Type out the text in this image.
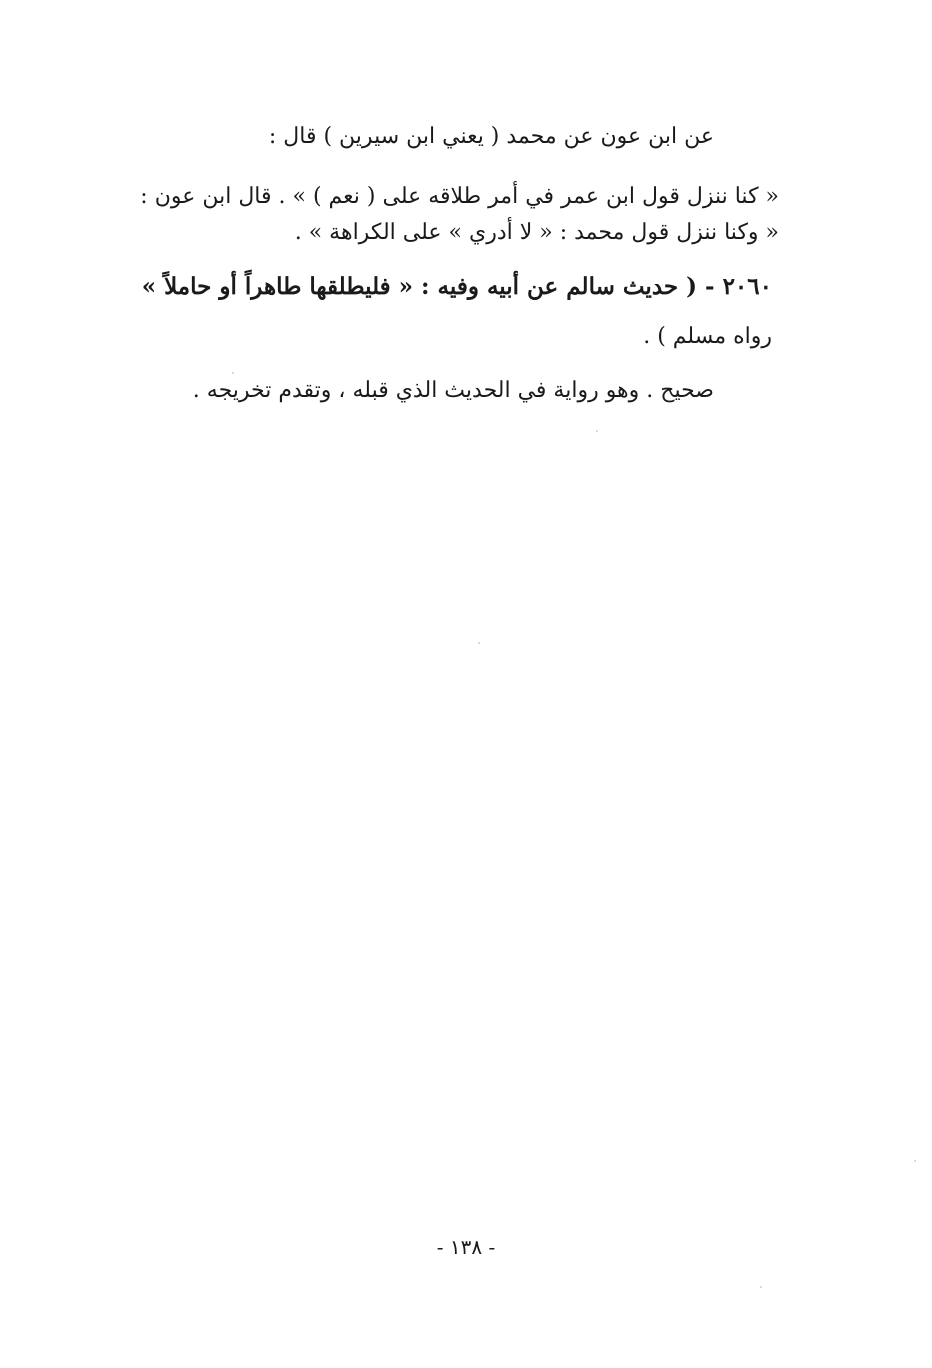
عن ابن عون عن محمد ( يعني ابن سيرين ) قال :
« كنا ننزل قول ابن عمر في أمر طلاقه على ( نعم ) » . قال ابن عون :
« وكنا ننزل قول محمد : « لا أدري » على الكراهة » .
٢٠٦٠ - ( حديث سالم عن أبيه وفيه : « فليطلقها طاهراً أو حاملاً »
رواه مسلم ) .
صحيح . وهو رواية في الحديث الذي قبله ، وتقدم تخريجه .
- ١٣٨ -
